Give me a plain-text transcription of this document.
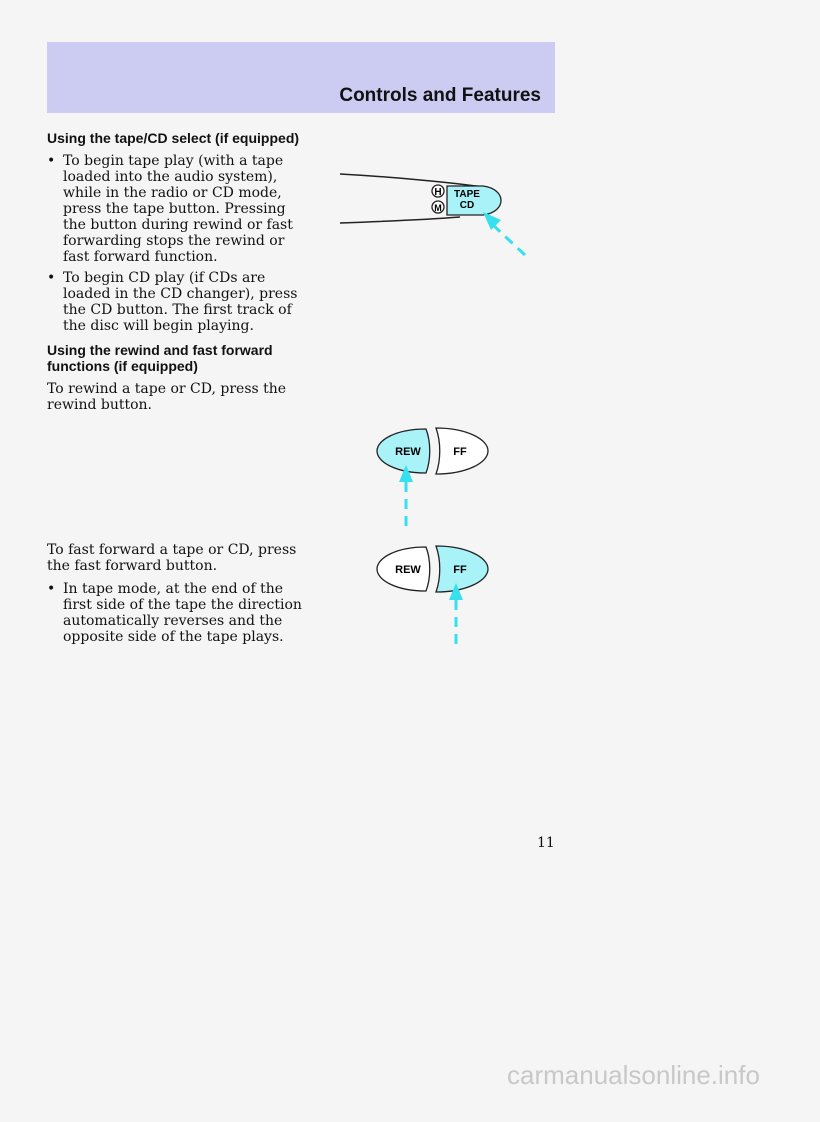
Controls and Features
Using the tape/CD select (if equipped)
• To begin tape play (with a tape loaded into the audio system), while in the radio or CD mode, press the tape button. Pressing the button during rewind or fast forwarding stops the rewind or fast forward function.
• To begin CD play (if CDs are loaded in the CD changer), press the CD button. The first track of the disc will begin playing.
Using the rewind and fast forward functions (if equipped)
To rewind a tape or CD, press the rewind button.
To fast forward a tape or CD, press the fast forward button.
• In tape mode, at the end of the first side of the tape the direction automatically reverses and the opposite side of the tape plays.
H
M
TAPE
CD
REW	FF
REW	FF
11
carmanualsonline.info
